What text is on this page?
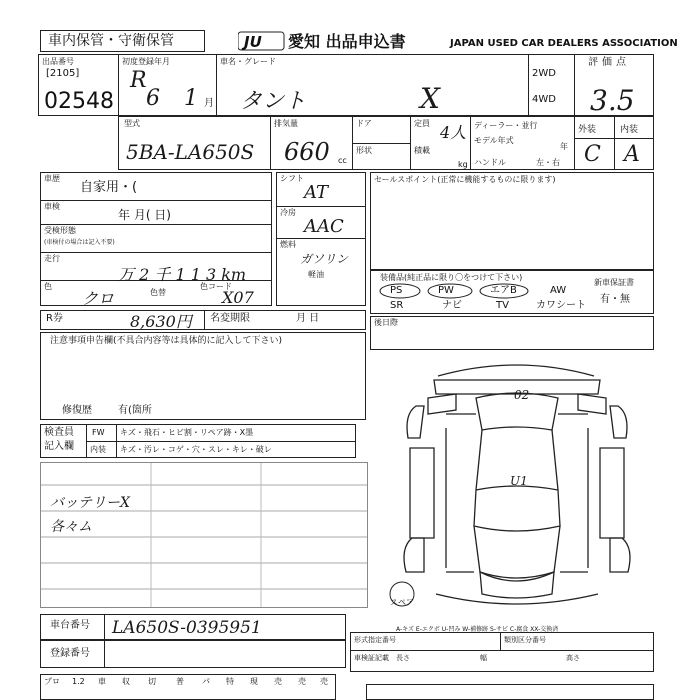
車内保管・守衛保管	JU 愛知 出品申込書	JAPAN USED CAR DEALERS ASSOCIATION
出品番号
[2105]
02548
初度登録年月
R
6 1 月
車名・グレード
タント	X
2WD
4WD
評価点
3.5
型式
5BA-LA650S
排気量
660 cc
ドア
形状
定員 4人
積載
kg
ディーラー・並行
モデル年式
年
ハンドル	左・右
外装	内装
C A
車歴
自家用・(
車検
年 月( 日)
受検形態
(車検付の場合は記入不要)
走行
万 2 千 1 1 3 km
色
クロ	色替
色コード
X07
シフト
AT
冷房
AAC
燃料
ガソリン
軽油
セールスポイント(正常に機能するものに限ります)
装備品(純正品に限り〇をつけて下さい)
PS	PW	エアB	AW
SR	ナビ	TV	カワシート
新車保証書
有・無
R券	8,630円 名変期限	月 日	後日際
注意事項申告欄(不具合内容等は具体的に記入して下さい)
修復歴	有(箇所
検査員
記入欄
FW キズ・飛石・ヒビ割・リペア跡・X墨
内装 キズ・汚レ・コゲ・穴・スレ・キレ・破レ
バッテリーX
各々ム
02
U1
スペア
A-キズ E-エクボ U-凹み W-補修跡 S-サビ C-腐食 XX-交換済
車台番号 LA650S-0395951
登録番号
形式指定番号	類別区分番号
車検証記載 長さ	幅	高さ
プロ 1.2 車 収 切	普 パ 特 現 売 売 売
